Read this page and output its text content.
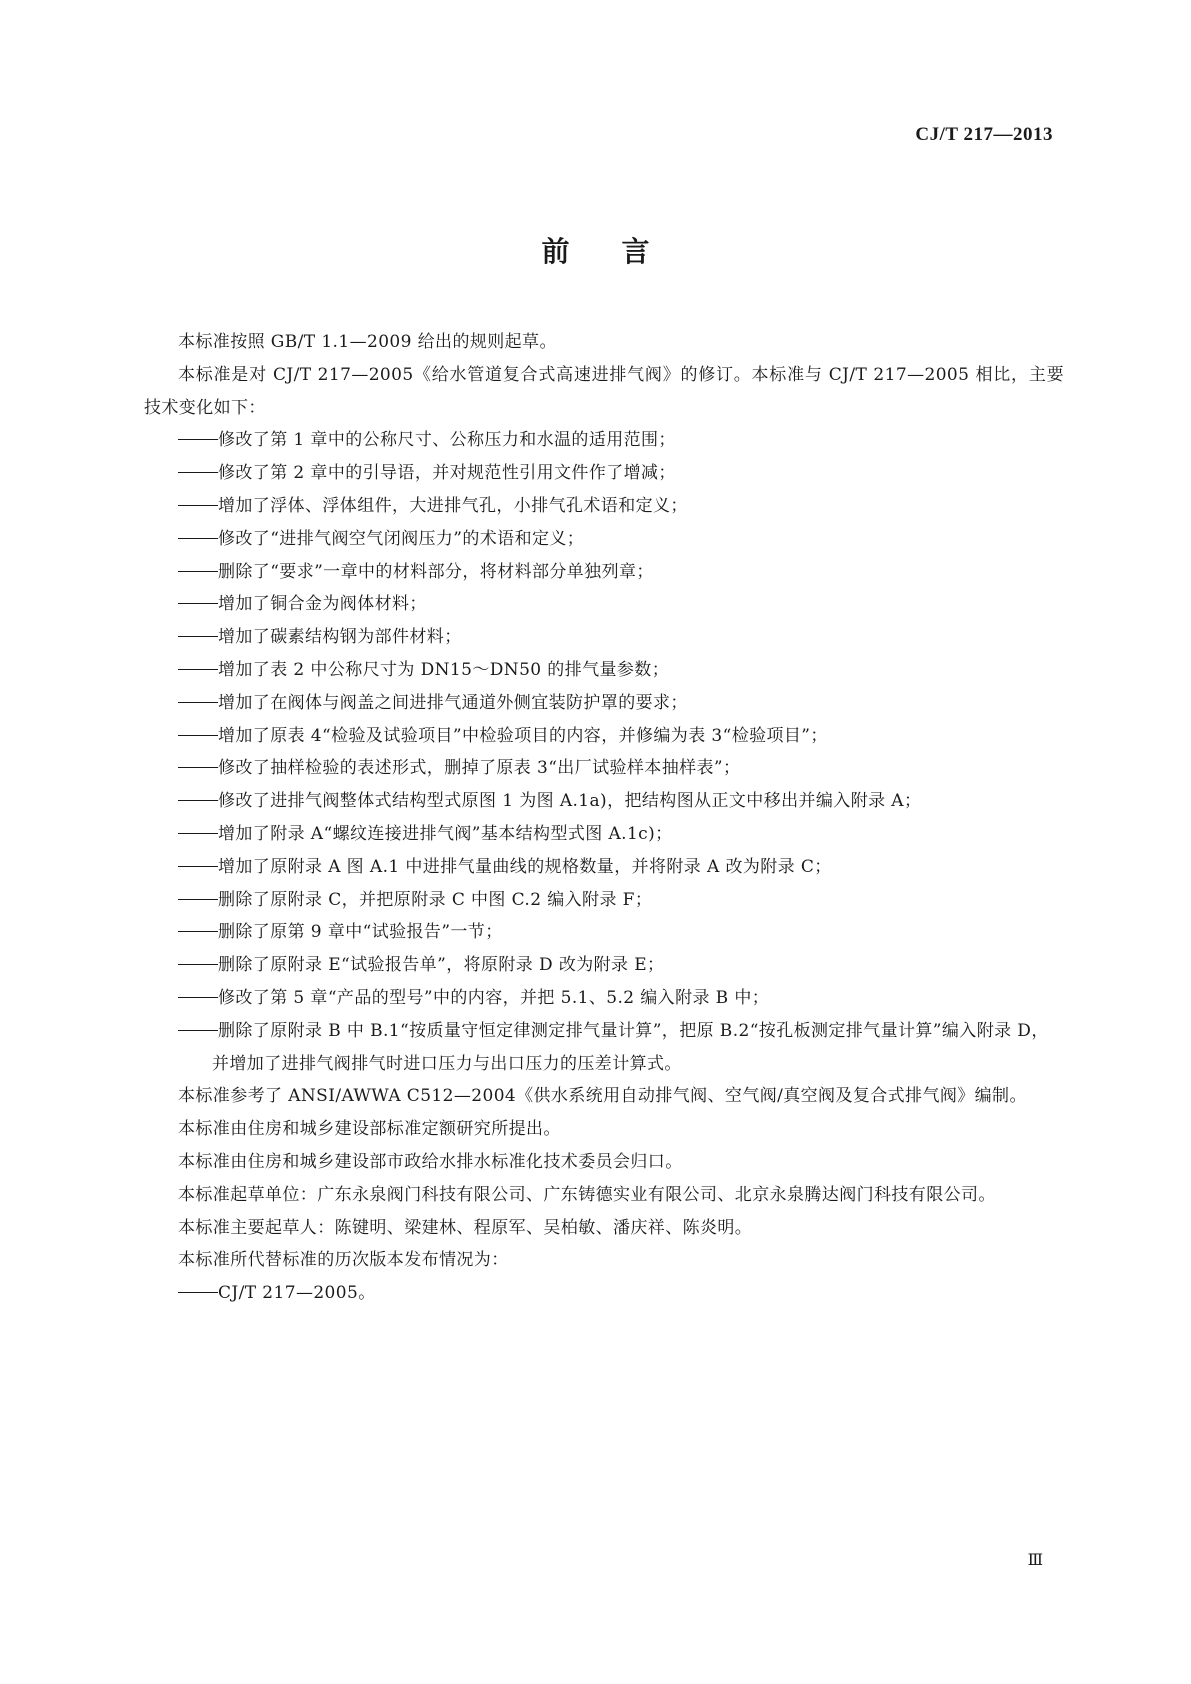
CJ/T 217—2013
前言

本标准按照 GB/T 1.1—2009 给出的规则起草。

本标准是对 CJ/T 217—2005《给水管道复合式高速进排气阀》的修订。本标准与 CJ/T 217—2005 相比，主要技术变化如下：

修改了第 1 章中的公称尺寸、公称压力和水温的适用范围；
修改了第 2 章中的引导语，并对规范性引用文件作了增减；
增加了浮体、浮体组件，大进排气孔，小排气孔术语和定义；
修改了“进排气阀空气闭阀压力”的术语和定义；
删除了“要求”一章中的材料部分，将材料部分单独列章；
增加了铜合金为阀体材料；
增加了碳素结构钢为部件材料；
增加了表 2 中公称尺寸为 DN15～DN50 的排气量参数；
增加了在阀体与阀盖之间进排气通道外侧宜装防护罩的要求；
增加了原表 4“检验及试验项目”中检验项目的内容，并修编为表 3“检验项目”；
修改了抽样检验的表述形式，删掉了原表 3“出厂试验样本抽样表”；
修改了进排气阀整体式结构型式原图 1 为图 A.1a)，把结构图从正文中移出并编入附录 A；
增加了附录 A“螺纹连接进排气阀”基本结构型式图 A.1c)；
增加了原附录 A 图 A.1 中进排气量曲线的规格数量，并将附录 A 改为附录 C；
删除了原附录 C，并把原附录 C 中图 C.2 编入附录 F；
删除了原第 9 章中“试验报告”一节；
删除了原附录 E“试验报告单”，将原附录 D 改为附录 E；
修改了第 5 章“产品的型号”中的内容，并把 5.1、5.2 编入附录 B 中；
删除了原附录 B 中 B.1“按质量守恒定律测定排气量计算”，把原 B.2“按孔板测定排气量计算”编入附录 D，并增加了进排气阀排气时进口压力与出口压力的压差计算式。

本标准参考了 ANSI/AWWA C512—2004《供水系统用自动排气阀、空气阀/真空阀及复合式排气阀》编制。

本标准由住房和城乡建设部标准定额研究所提出。

本标准由住房和城乡建设部市政给水排水标准化技术委员会归口。

本标准起草单位：广东永泉阀门科技有限公司、广东铸德实业有限公司、北京永泉腾达阀门科技有限公司。

本标准主要起草人：陈键明、梁建林、程原军、吴柏敏、潘庆祥、陈炎明。

本标准所代替标准的历次版本发布情况为：

CJ/T 217—2005。
Ⅲ
